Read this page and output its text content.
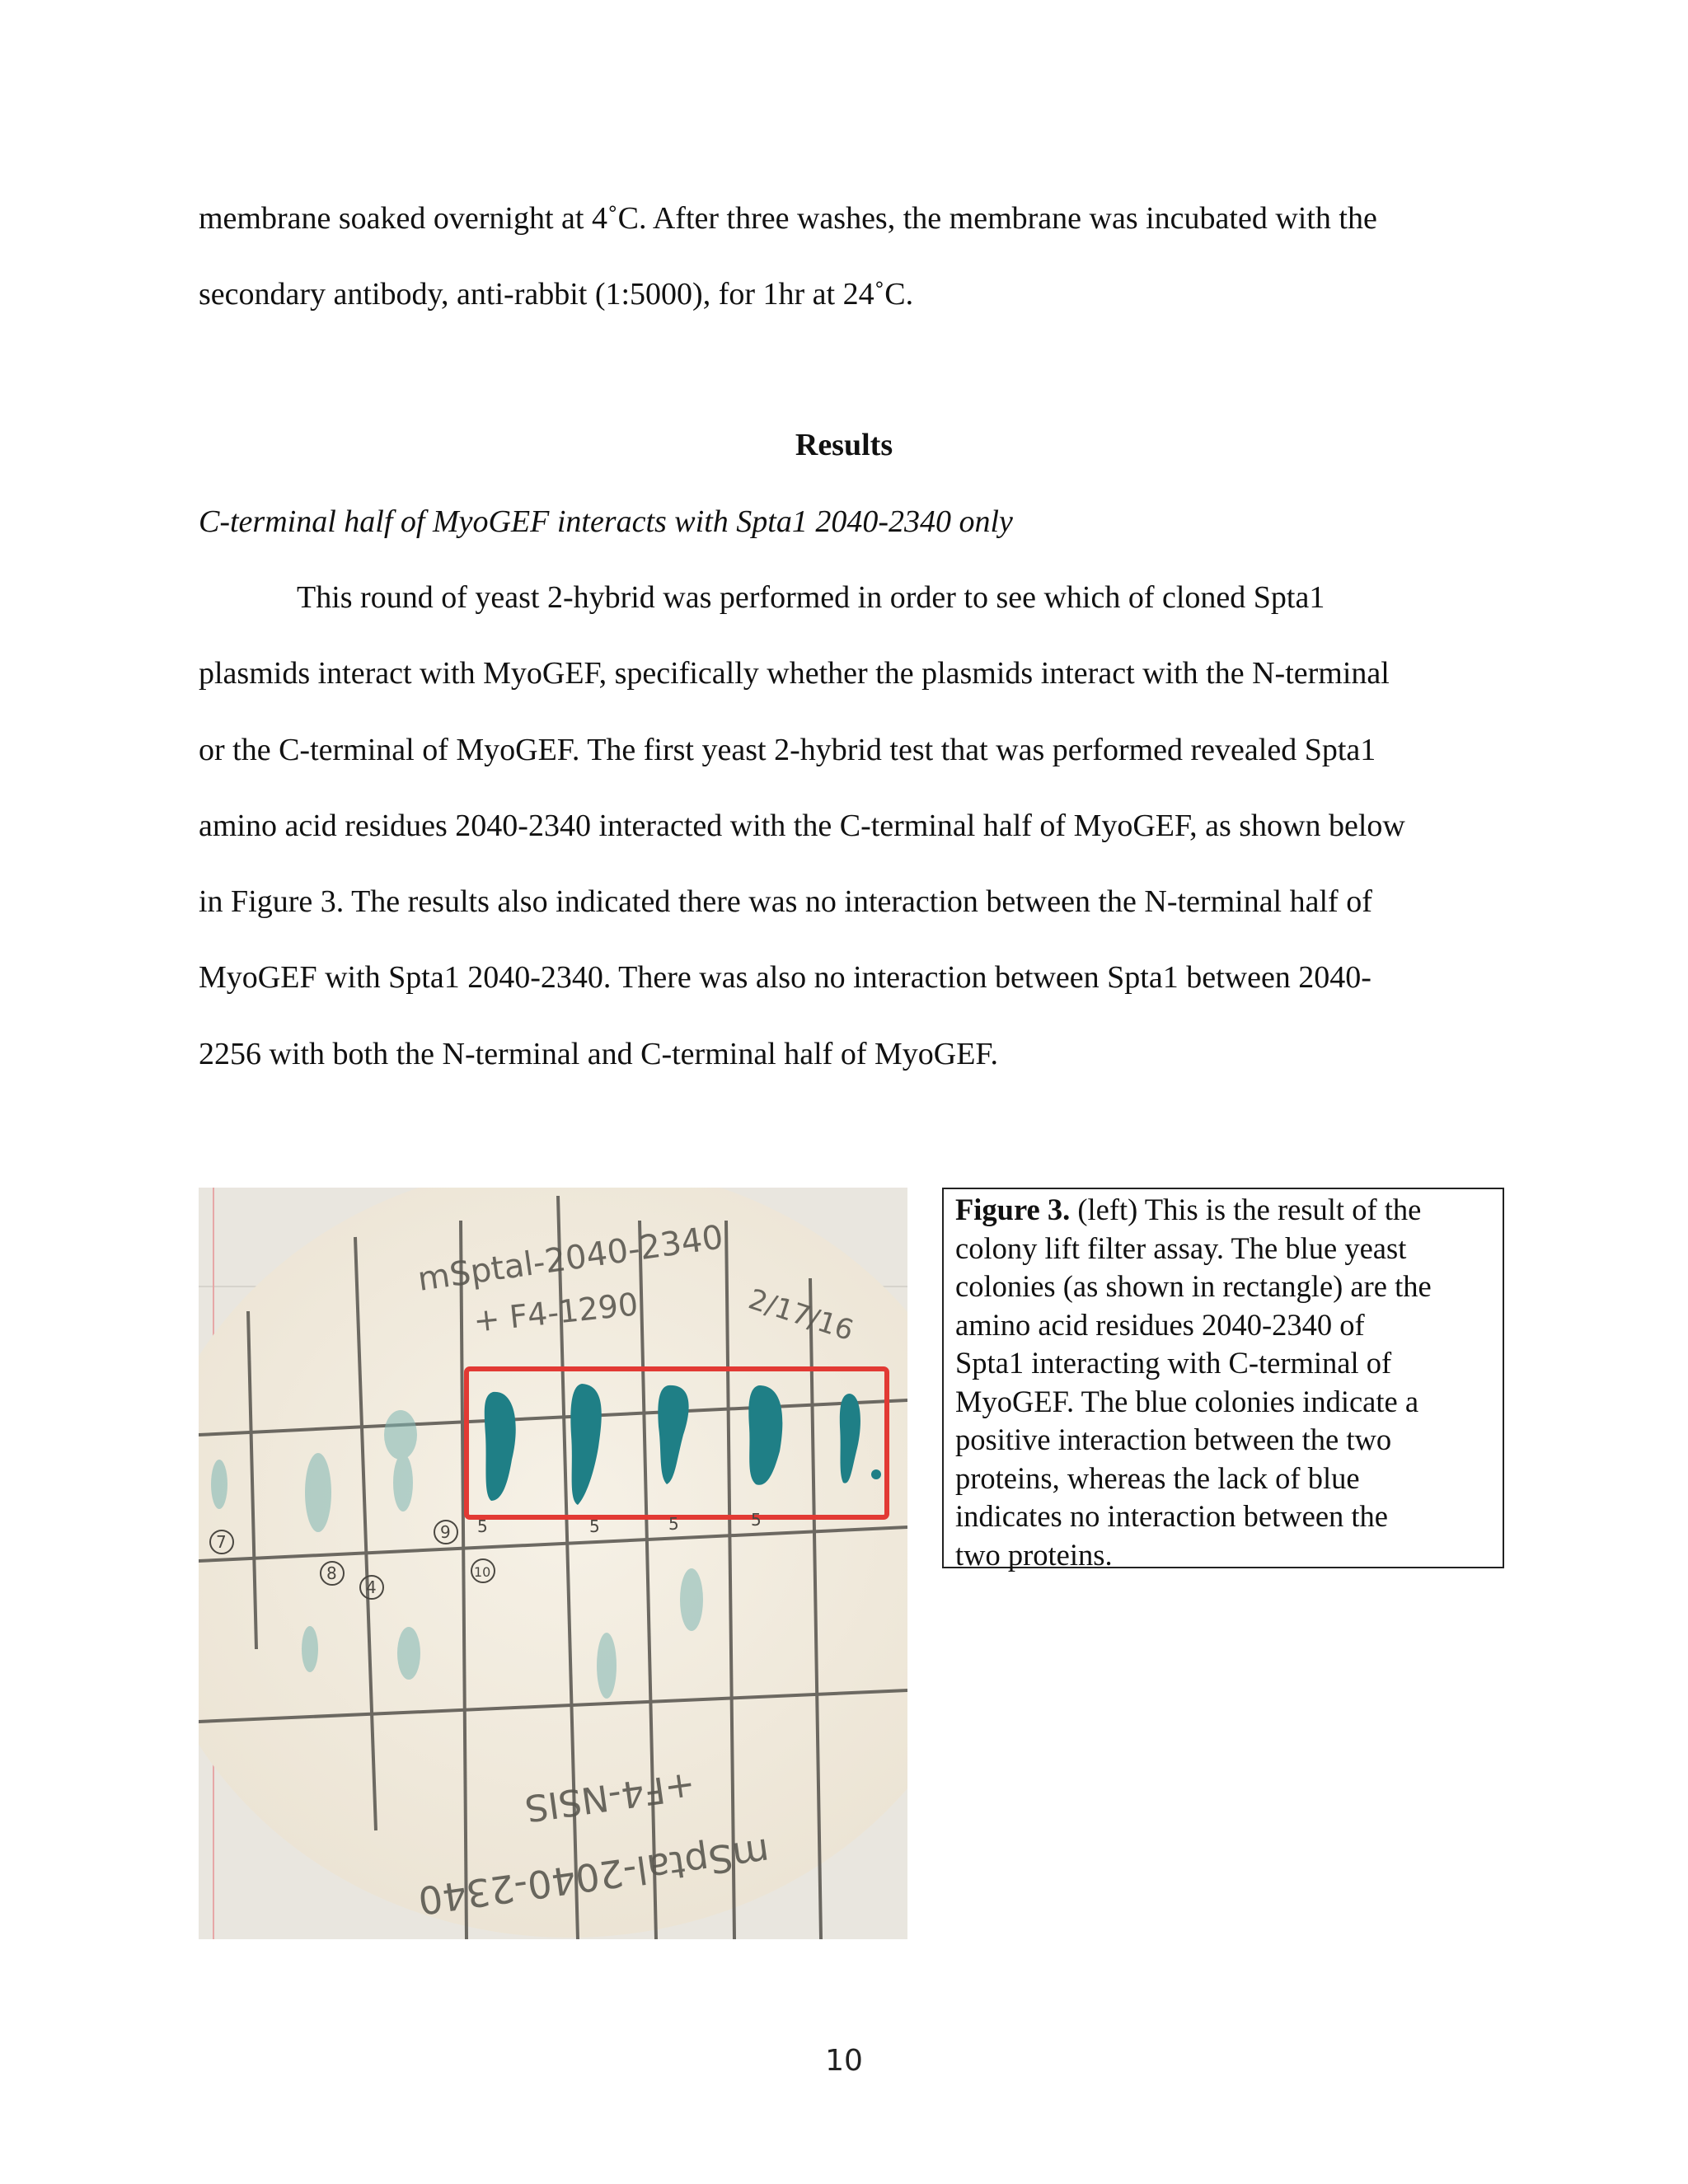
membrane soaked overnight at 4˚C. After three washes, the membrane was incubated with the
secondary antibody, anti-rabbit (1:5000), for 1hr at 24˚C.
Results
C-terminal half of MyoGEF interacts with Spta1 2040-2340 only
This round of yeast 2-hybrid was performed in order to see which of cloned Spta1
plasmids interact with MyoGEF, specifically whether the plasmids interact with the N-terminal
or the C-terminal of MyoGEF. The first yeast 2-hybrid test that was performed revealed Spta1
amino acid residues 2040-2340 interacted with the C-terminal half of MyoGEF, as shown below
in Figure 3. The results also indicated there was no interaction between the N-terminal half of
MyoGEF with Spta1 2040-2340. There was also no interaction between Spta1 between 2040-
2256 with both the N-terminal and C-terminal half of MyoGEF.
mSptal-2040-2340
+ F4-1290	2/17/16
+F4-NSIS
mSptal-2040-2340
7
8
9
10
4
5	5	5	5
Figure 3. (left) This is the result of the
colony lift filter assay. The blue yeast
colonies (as shown in rectangle) are the
amino acid residues 2040-2340 of
Spta1 interacting with C-terminal of
MyoGEF. The blue colonies indicate a
positive interaction between the two
proteins, whereas the lack of blue
indicates no interaction between the
two proteins.
10
